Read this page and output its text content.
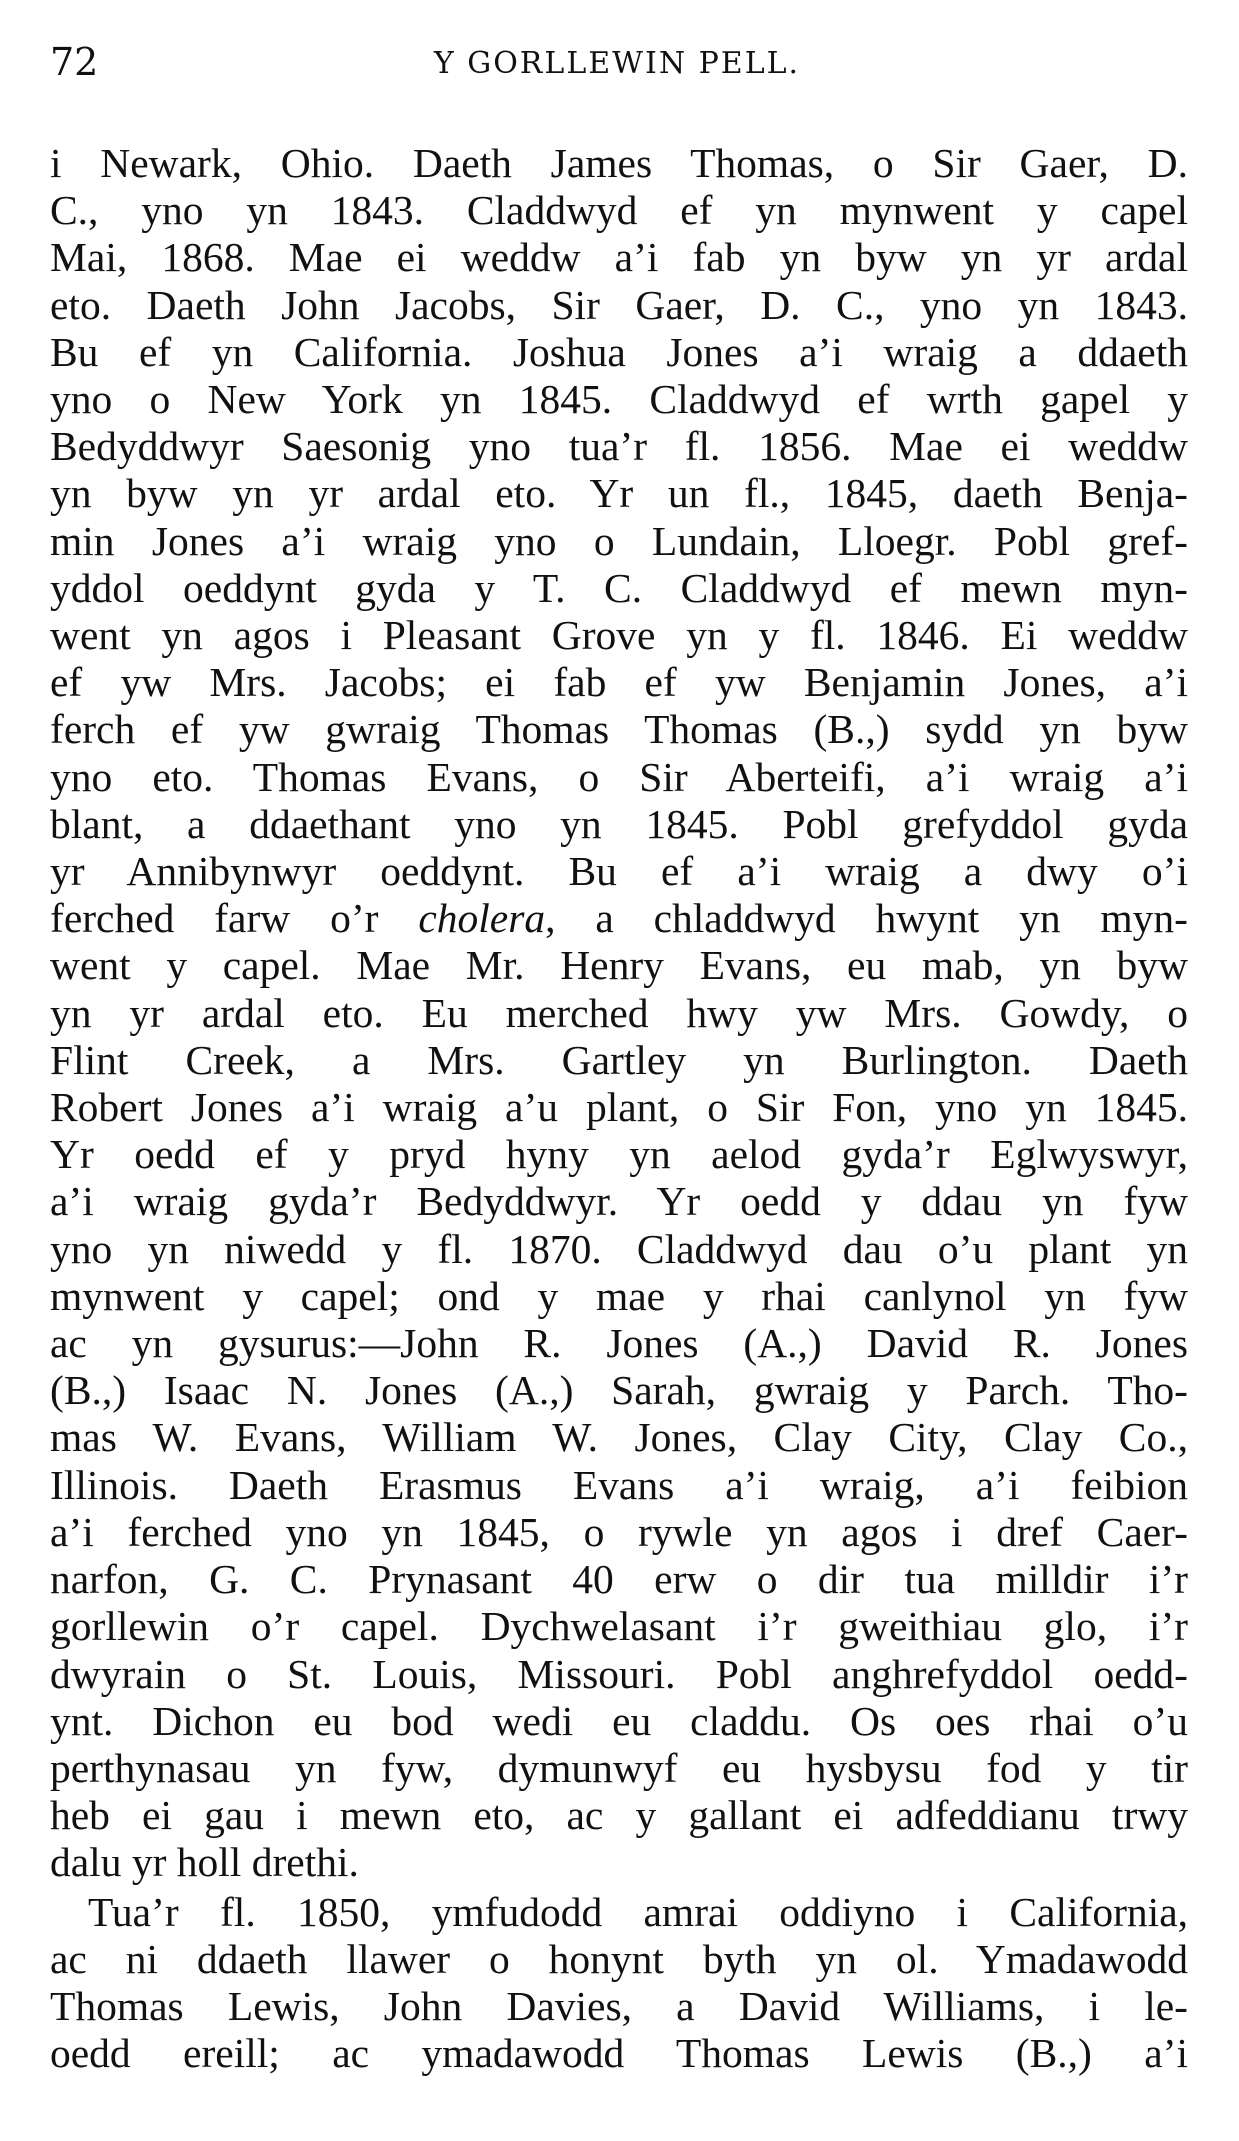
72	Y GORLLEWIN PELL.
i Newark, Ohio. Daeth James Thomas, o Sir Gaer, D.
C., yno yn 1843. Claddwyd ef yn mynwent y capel
Mai, 1868. Mae ei weddw a’i fab yn byw yn yr ardal
eto. Daeth John Jacobs, Sir Gaer, D. C., yno yn 1843.
Bu ef yn California. Joshua Jones a’i wraig a ddaeth
yno o New York yn 1845. Claddwyd ef wrth gapel y
Bedyddwyr Saesonig yno tua’r fl. 1856. Mae ei weddw
yn byw yn yr ardal eto. Yr un fl., 1845, daeth Benja-
min Jones a’i wraig yno o Lundain, Lloegr. Pobl gref-
yddol oeddynt gyda y T. C. Claddwyd ef mewn myn-
went yn agos i Pleasant Grove yn y fl. 1846. Ei weddw
ef yw Mrs. Jacobs; ei fab ef yw Benjamin Jones, a’i
ferch ef yw gwraig Thomas Thomas (B.,) sydd yn byw
yno eto. Thomas Evans, o Sir Aberteifi, a’i wraig a’i
blant, a ddaethant yno yn 1845. Pobl grefyddol gyda
yr Annibynwyr oeddynt. Bu ef a’i wraig a dwy o’i
ferched farw o’r cholera, a chladdwyd hwynt yn myn-
went y capel. Mae Mr. Henry Evans, eu mab, yn byw
yn yr ardal eto. Eu merched hwy yw Mrs. Gowdy, o
Flint Creek, a Mrs. Gartley yn Burlington. Daeth
Robert Jones a’i wraig a’u plant, o Sir Fon, yno yn 1845.
Yr oedd ef y pryd hyny yn aelod gyda’r Eglwyswyr,
a’i wraig gyda’r Bedyddwyr. Yr oedd y ddau yn fyw
yno yn niwedd y fl. 1870. Claddwyd dau o’u plant yn
mynwent y capel; ond y mae y rhai canlynol yn fyw
ac yn gysurus:—John R. Jones (A.,) David R. Jones
(B.,) Isaac N. Jones (A.,) Sarah, gwraig y Parch. Tho-
mas W. Evans, William W. Jones, Clay City, Clay Co.,
Illinois. Daeth Erasmus Evans a’i wraig, a’i feibion
a’i ferched yno yn 1845, o rywle yn agos i dref Caer-
narfon, G. C. Prynasant 40 erw o dir tua milldir i’r
gorllewin o’r capel. Dychwelasant i’r gweithiau glo, i’r
dwyrain o St. Louis, Missouri. Pobl anghrefyddol oedd-
ynt. Dichon eu bod wedi eu claddu. Os oes rhai o’u
perthynasau yn fyw, dymunwyf eu hysbysu fod y tir
heb ei gau i mewn eto, ac y gallant ei adfeddianu trwy
dalu yr holl drethi.
Tua’r fl. 1850, ymfudodd amrai oddiyno i California,
ac ni ddaeth llawer o honynt byth yn ol. Ymadawodd
Thomas Lewis, John Davies, a David Williams, i le-
oedd ereill; ac ymadawodd Thomas Lewis (B.,) a’i
